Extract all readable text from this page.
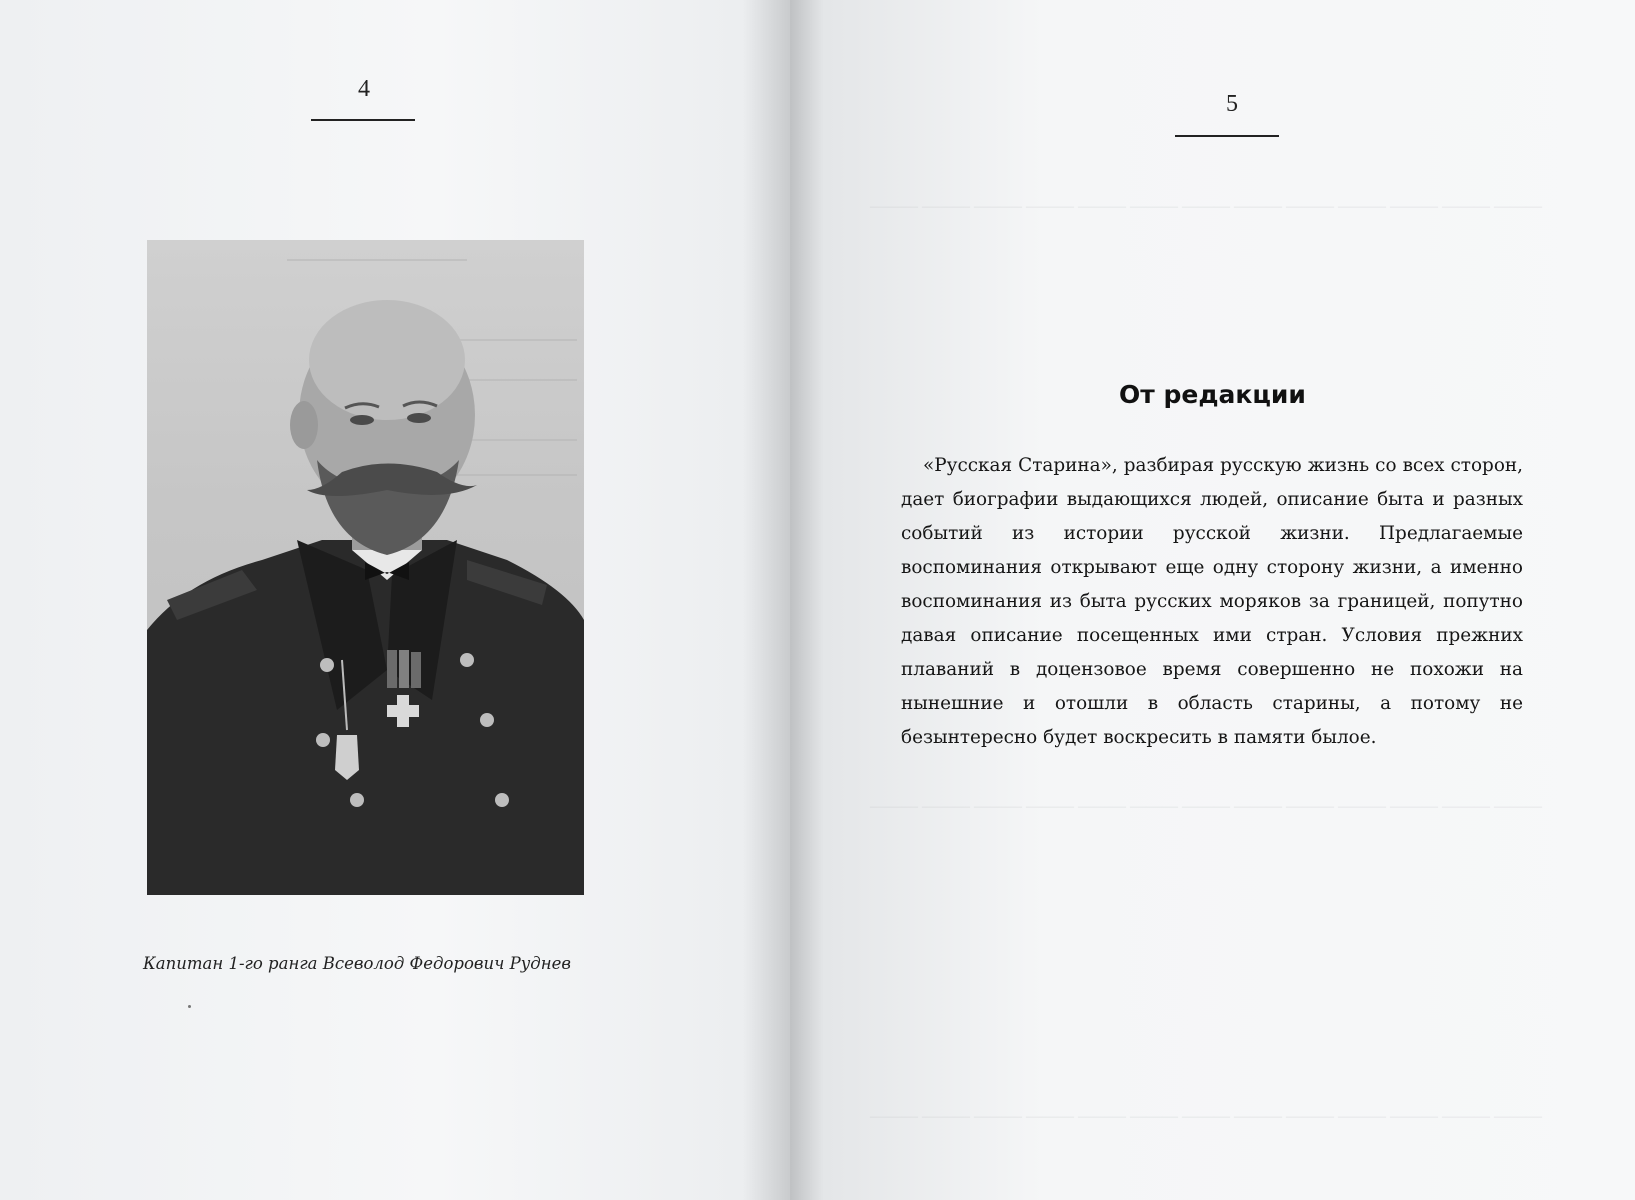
4
Капитан 1-го ранга Всеволод Федорович Руднев
——— ——— ——— ——— ——— ——— ——— ——— ——— ——— ——— ——— ———
——— ——— ——— ——— ——— ——— ——— ——— ——— ——— ——— ——— ———
——— ——— ——— ——— ——— ——— ——— ——— ——— ——— ——— ——— ———
5
От редакции

«Русская Старина», разбирая русскую жизнь со всех сторон, дает биографии выдающихся людей, описание быта и разных событий из истории русской жизни. Предлагаемые воспоминания открывают еще одну сторону жизни, а именно воспоминания из быта русских моряков за границей, попутно давая описание посещенных ими стран. Условия прежних плаваний в доцензовое время совершенно не похожи на нынешние и отошли в область старины, а потому не безынтересно будет воскресить в памяти былое.
